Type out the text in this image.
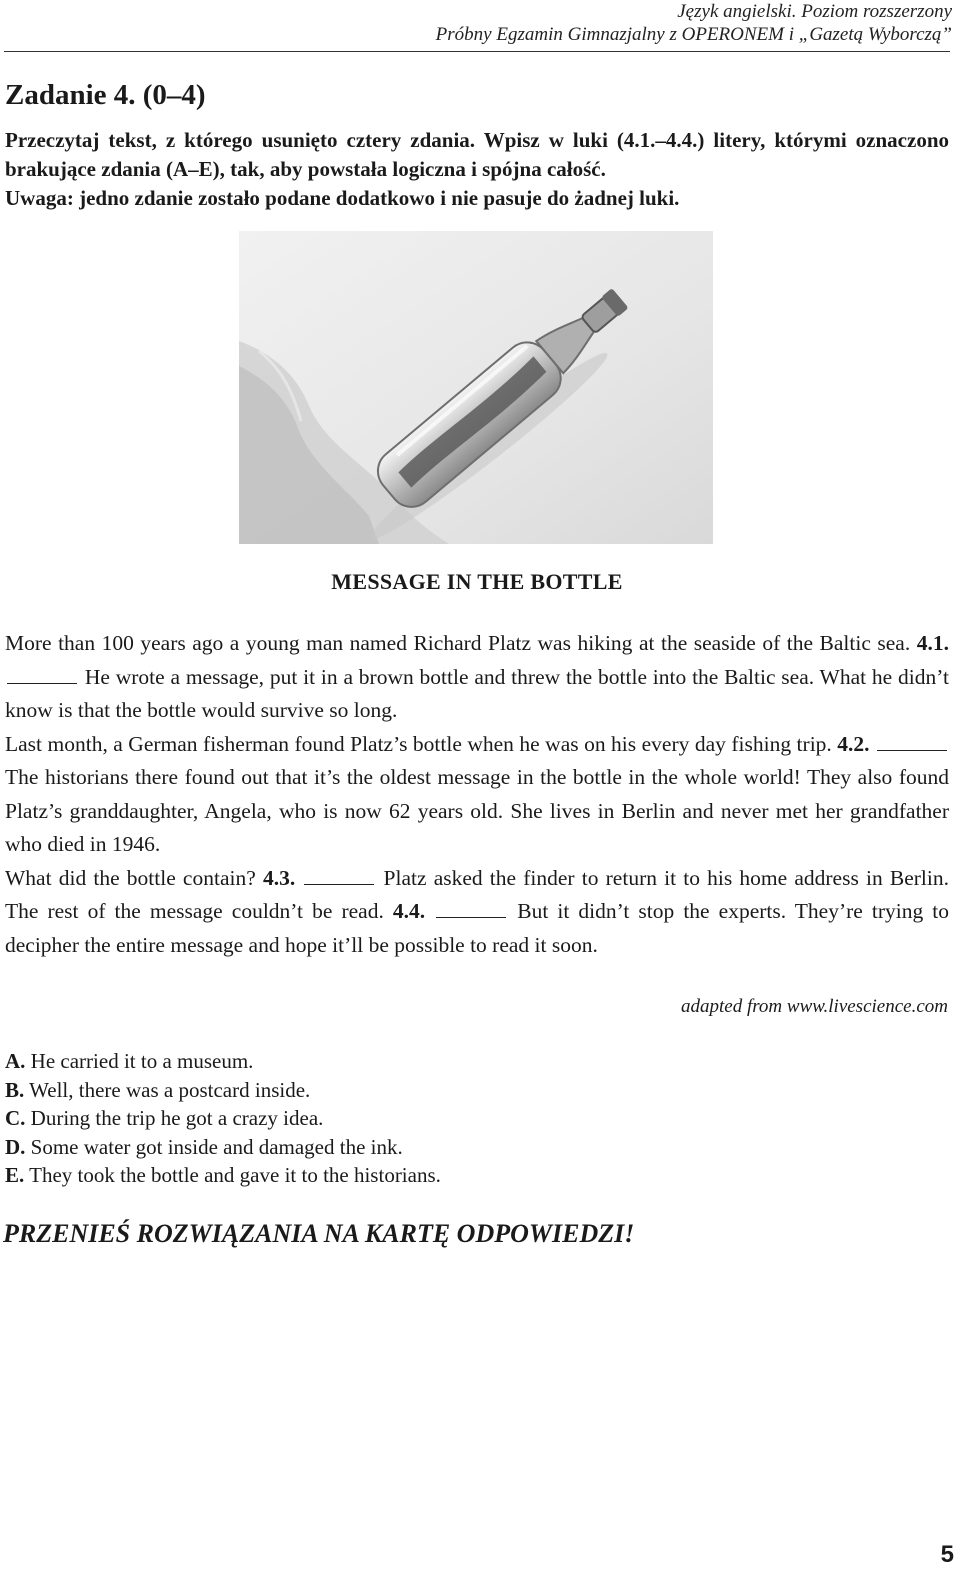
Język angielski. Poziom rozszerzony
Próbny Egzamin Gimnazjalny z OPERONEM i „Gazetą Wyborczą”
Zadanie 4. (0–4)

Przeczytaj tekst, z którego usunięto cztery zdania. Wpisz w luki (4.1.–4.4.) litery, którymi oznaczono brakujące zdania (A–E), tak, aby powstała logiczna i spójna całość.

Uwaga: jedno zdanie zostało podane dodatkowo i nie pasuje do żadnej luki.

MESSAGE IN THE BOTTLE

More than 100 years ago a young man named Richard Platz was hiking at the seaside of the Baltic sea. 4.1.  He wrote a message, put it in a brown bottle and threw the bottle into the Baltic sea. What he didn’t know is that the bottle would survive so long.

Last month, a German fisherman found Platz’s bottle when he was on his every day fishing trip. 4.2.  The historians there found out that it’s the oldest message in the bottle in the whole world! They also found Platz’s granddaughter, Angela, who is now 62 years old. She lives in Berlin and never met her grandfather who died in 1946.

What did the bottle contain? 4.3.	Platz asked the finder to return it to his home address in Berlin. The rest of the message couldn’t be read. 4.4.	But it didn’t stop the experts. They’re trying to decipher the entire message and hope it’ll be possible to read it soon.

adapted from www.livescience.com
A. He carried it to a museum.
B. Well, there was a postcard inside.
C. During the trip he got a crazy idea.
D. Some water got inside and damaged the ink.
E. They took the bottle and gave it to the historians.

PRZENIEŚ ROZWIĄZANIA NA KARTĘ ODPOWIEDZI!

5
